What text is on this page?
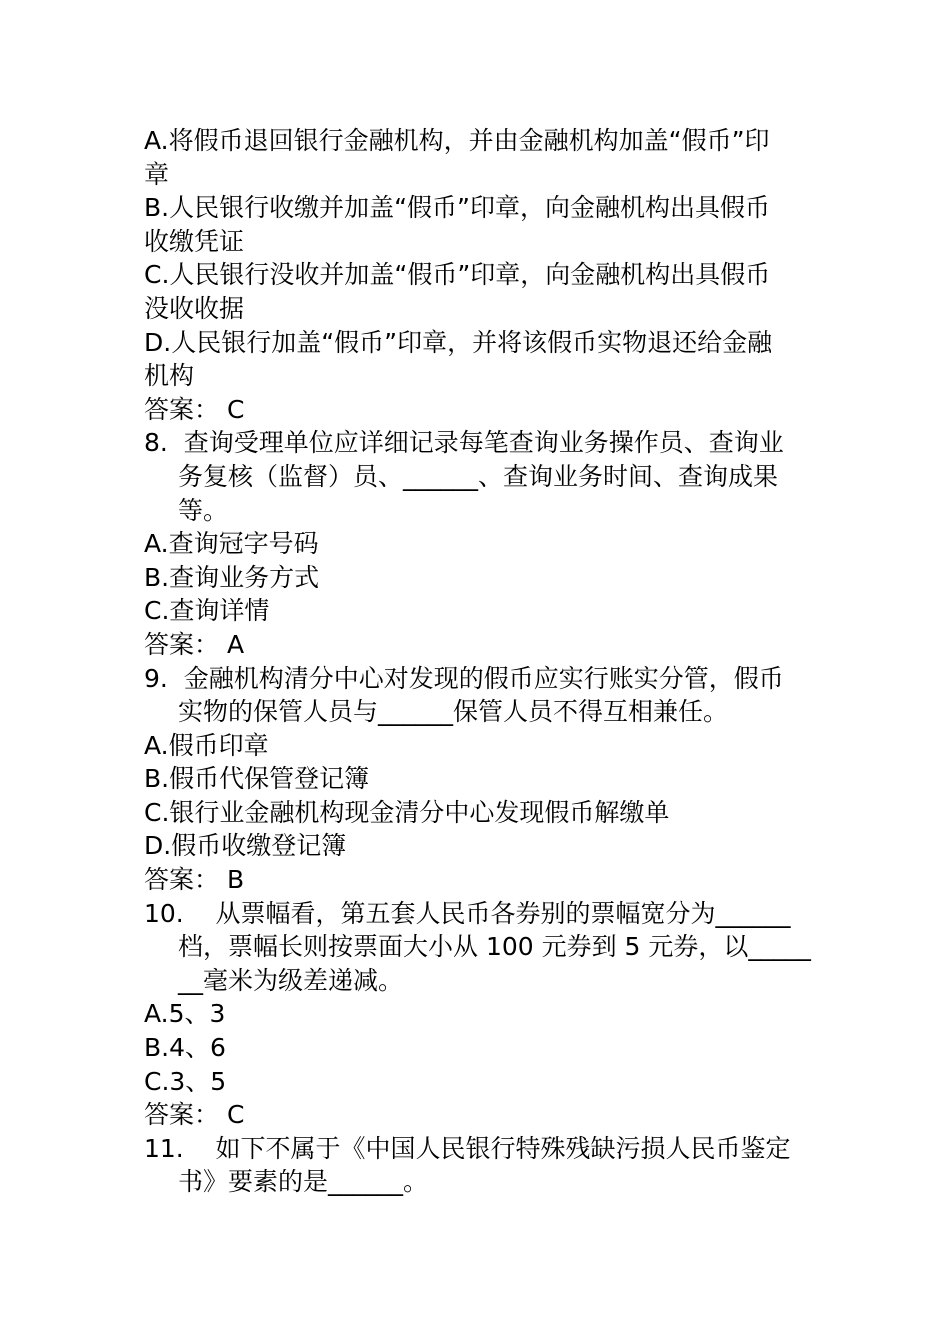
A.将假币退回银行金融机构，并由金融机构加盖“假币”印
章
B.人民银行收缴并加盖“假币”印章，向金融机构出具假币
收缴凭证
C.人民银行没收并加盖“假币”印章，向金融机构出具假币
没收收据
D.人民银行加盖“假币”印章，并将该假币实物退还给金融
机构
答案： C
8.  查询受理单位应详细记录每笔查询业务操作员、查询业
务复核（监督）员、______、查询业务时间、查询成果
等。
A.查询冠字号码
B.查询业务方式
C.查询详情
答案： A
9.  金融机构清分中心对发现的假币应实行账实分管，假币
实物的保管人员与______保管人员不得互相兼任。
A.假币印章
B.假币代保管登记簿
C.银行业金融机构现金清分中心发现假币解缴单
D.假币收缴登记簿
答案： B
10.    从票幅看，第五套人民币各券别的票幅宽分为______
档，票幅长则按票面大小从 100 元券到 5 元券，以_____
__毫米为级差递减。
A.5、3
B.4、6
C.3、5
答案： C
11.    如下不属于《中国人民银行特殊残缺污损人民币鉴定
书》要素的是______。
